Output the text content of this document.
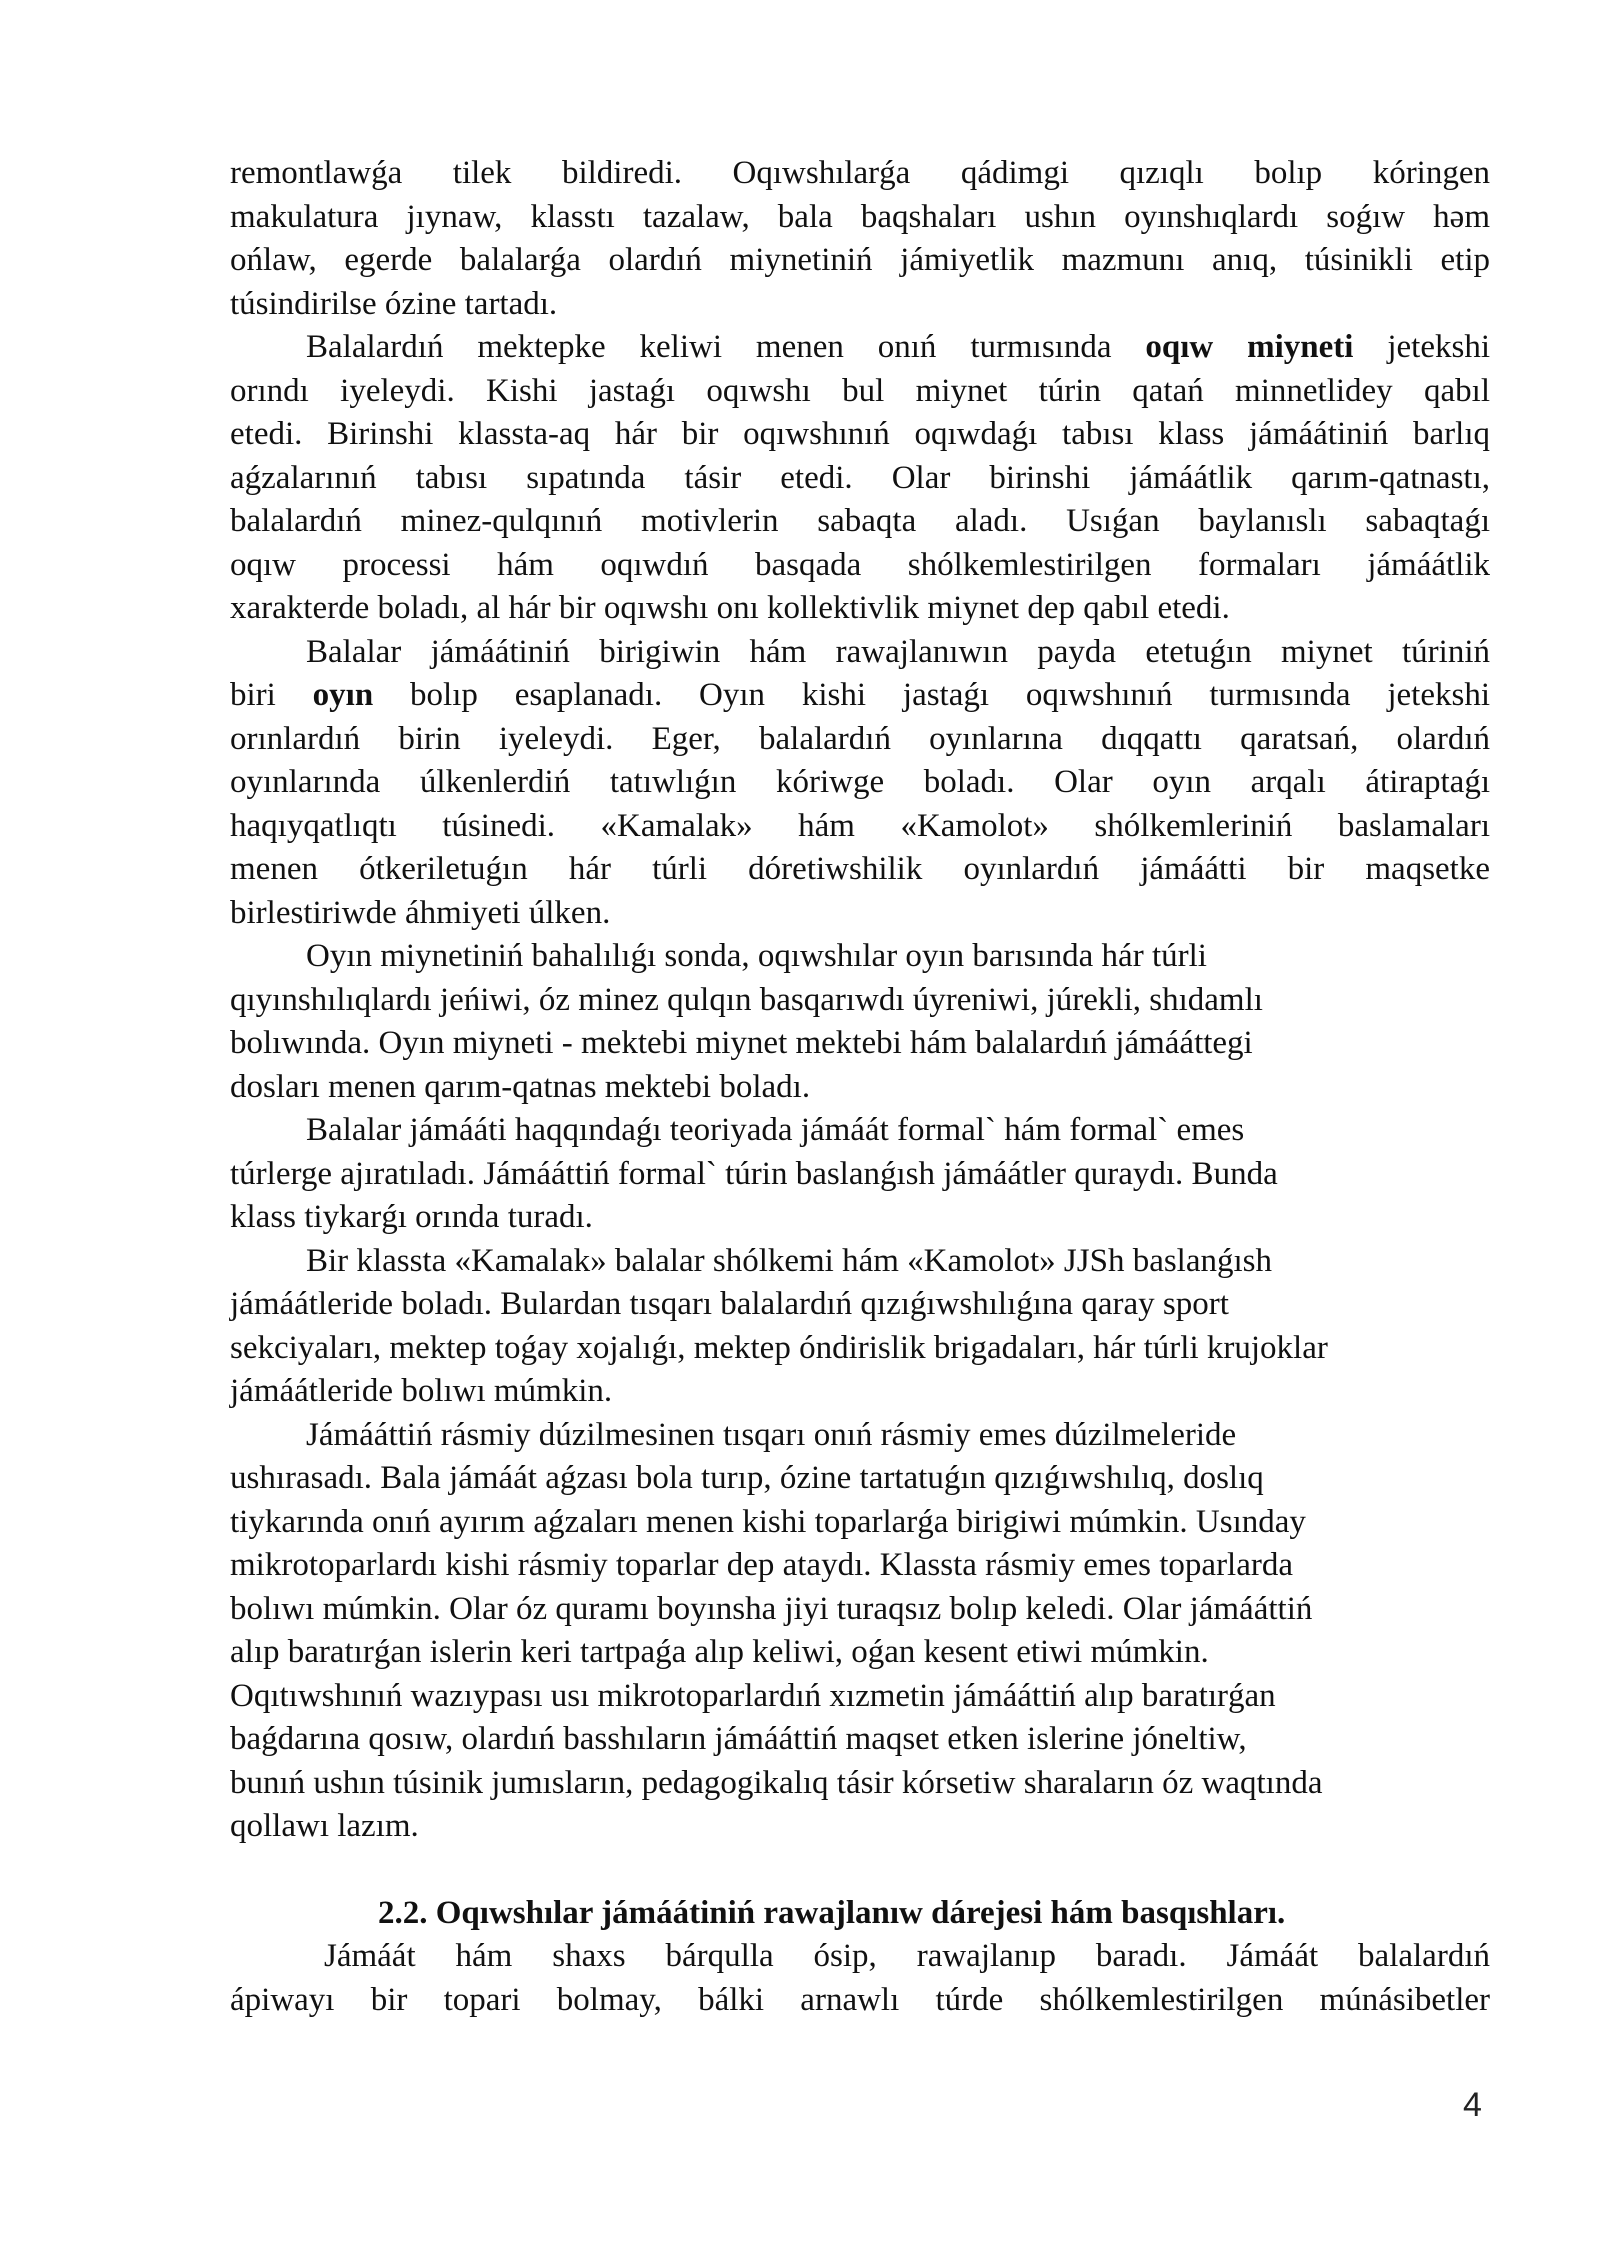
remontlawǵa tilek bildiredi. Oqıwshılarǵa qádimgi qızıqlı bolıp kóringen
makulatura jıynaw, klasstı tazalaw, bala baqshaları ushın oyınshıqlardı soǵıw həm
ońlaw, egerde balalarǵa olardıń miynetiniń jámiyetlik mazmunı anıq, túsinikli etip
túsindirilse ózine tartadı.

Balalardıń mektepke keliwi menen onıń turmısında oqıw miyneti jetekshi
orındı iyeleydi. Kishi jastaǵı oqıwshı bul miynet túrin qatań minnetlidey qabıl
etedi. Birinshi klassta-aq hár bir oqıwshınıń oqıwdaǵı tabısı klass jámáátiniń barlıq
aǵzalarınıń tabısı sıpatında tásir etedi. Olar birinshi jámáátlik qarım-qatnastı,
balalardıń minez-qulqınıń motivlerin sabaqta aladı. Usıǵan baylanıslı sabaqtaǵı
oqıw processi hám oqıwdıń basqada shólkemlestirilgen formaları jámáátlik
xarakterde boladı, al hár bir oqıwshı onı kollektivlik miynet dep qabıl etedi.

Balalar jámáátiniń birigiwin hám rawajlanıwın payda etetuǵın miynet túriniń
biri oyın bolıp esaplanadı. Oyın kishi jastaǵı oqıwshınıń turmısında jetekshi
orınlardıń birin iyeleydi. Eger, balalardıń oyınlarına dıqqattı qaratsań, olardıń
oyınlarında úlkenlerdiń tatıwlıǵın kóriwge boladı. Olar oyın arqalı átiraptaǵı
haqıyqatlıqtı túsinedi. «Kamalak» hám «Kamolot» shólkemleriniń baslamaları
menen ótkeriletuǵın hár túrli dóretiwshilik oyınlardıń jámáátti bir maqsetke
birlestiriwde áhmiyeti úlken.

Oyın miynetiniń bahalılıǵı sonda, oqıwshılar oyın barısında hár túrli
qıyınshılıqlardı jeńiwi, óz minez qulqın basqarıwdı úyreniwi, júrekli, shıdamlı
bolıwında. Oyın miyneti - mektebi miynet mektebi hám balalardıń jámááttegi
dosları menen qarım-qatnas mektebi boladı.

Balalar jámááti haqqındaǵı teoriyada jámáát formal` hám formal` emes
túrlerge ajıratıladı. Jámááttiń formal` túrin baslanǵısh jámáátler quraydı. Bunda
klass tiykarǵı orında turadı.

Bir klassta «Kamalak» balalar shólkemi hám «Kamolot» JJSh baslanǵısh
jámáátleride boladı. Bulardan tısqarı balalardıń qızıǵıwshılıǵına qaray sport
sekciyaları, mektep toǵay xojalıǵı, mektep óndirislik brigadaları, hár túrli krujoklar
jámáátleride bolıwı múmkin.

Jámááttiń rásmiy dúzilmesinen tısqarı onıń rásmiy emes dúzilmeleride
ushırasadı. Bala jámáát aǵzası bola turıp, ózine tartatuǵın qızıǵıwshılıq, doslıq
tiykarında onıń ayırım aǵzaları menen kishi toparlarǵa birigiwi múmkin. Usınday
mikrotoparlardı kishi rásmiy toparlar dep ataydı. Klassta rásmiy emes toparlarda
bolıwı múmkin. Olar óz quramı boyınsha jiyi turaqsız bolıp keledi. Olar jámááttiń
alıp baratırǵan islerin keri tartpaǵa alıp keliwi, oǵan kesent etiwi múmkin.
Oqıtıwshınıń wazıypası usı mikrotoparlardıń xızmetin jámááttiń alıp baratırǵan
baǵdarına qosıw, olardıń basshıların jámááttiń maqset etken islerine jóneltiw,
bunıń ushın túsinik jumısların, pedagogikalıq tásir kórsetiw sharaların óz waqtında
qollawı lazım.

2.2. Oqıwshılar jámáátiniń rawajlanıw dárejesi hám basqıshları.

Jámáát hám shaxs bárqulla ósip, rawajlanıp baradı. Jámáát balalardıń
ápiwayı bir topari bolmay, bálki arnawlı túrde shólkemlestirilgen múnásibetler

4
